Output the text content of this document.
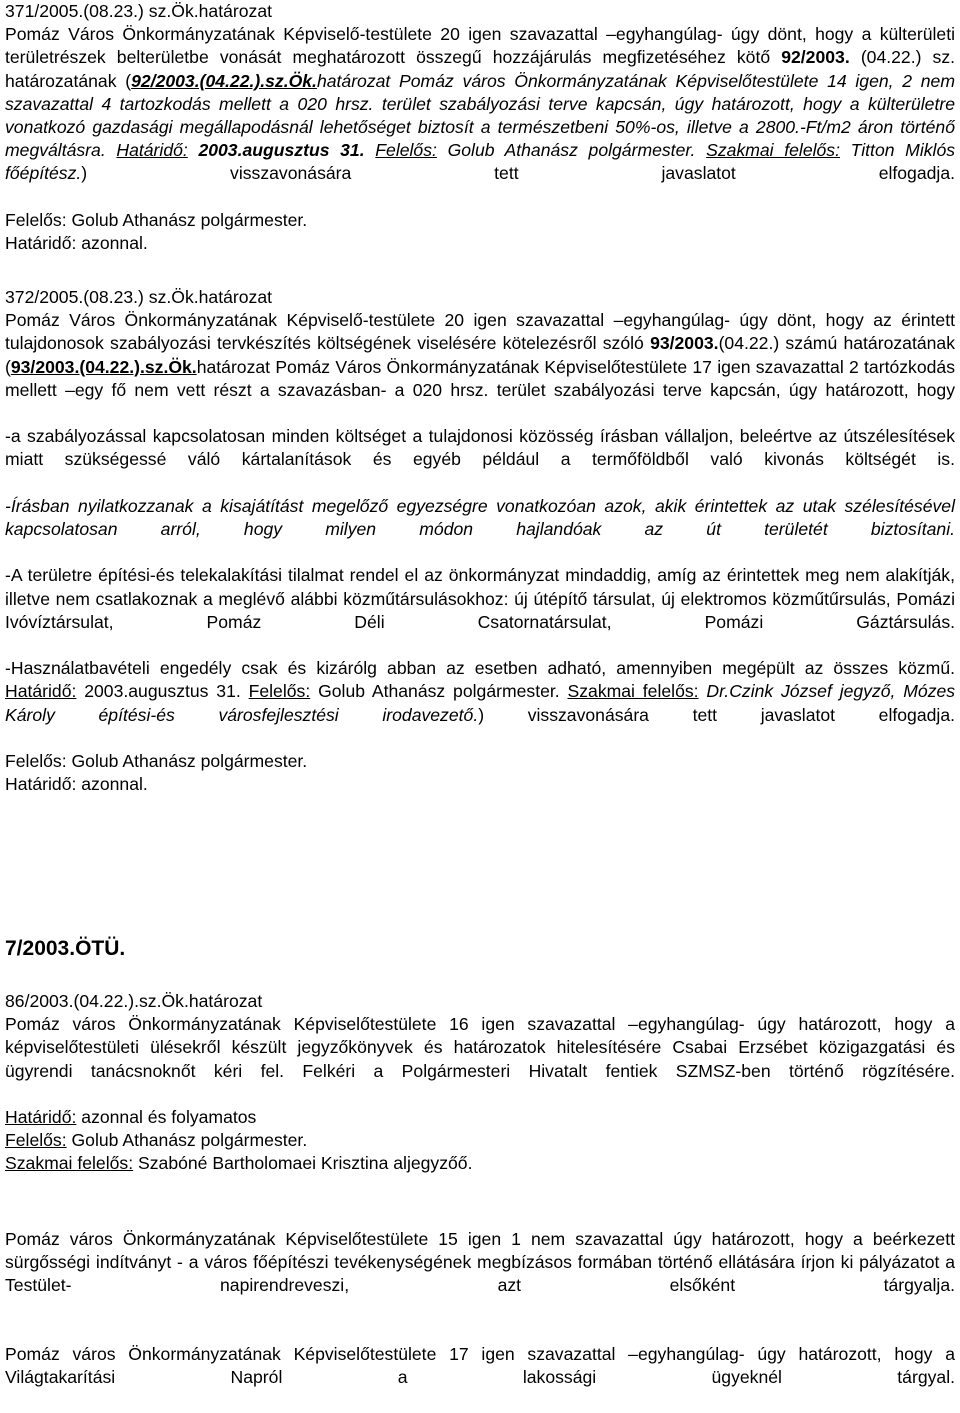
371/2005.(08.23.) sz.Ök.határozat
Pomáz Város Önkormányzatának Képviselő-testülete 20 igen szavazattal –egyhangúlag- úgy dönt, hogy a külterületi területrészek belterületbe vonását meghatározott összegű hozzájárulás megfizetéséhez kötő 92/2003. (04.22.) sz. határozatának (92/2003.(04.22.).sz.Ök.határozat Pomáz város Önkormányzatának Képviselőtestülete 14 igen, 2 nem szavazattal 4 tartozkodás mellett a 020 hrsz. terület szabályozási terve kapcsán, úgy határozott, hogy a külterületre vonatkozó gazdasági megállapodásnál lehetőséget biztosít a természetbeni 50%-os, illetve a 2800.-Ft/m2 áron történő megváltásra. Határidő: 2003.augusztus 31. Felelős: Golub Athanász polgármester. Szakmai felelős: Titton Miklós főépítész.) visszavonására tett javaslatot elfogadja.
Felelős: Golub Athanász polgármester.
Határidő: azonnal.
372/2005.(08.23.) sz.Ök.határozat
Pomáz Város Önkormányzatának Képviselő-testülete 20 igen szavazattal –egyhangúlag- úgy dönt, hogy az érintett tulajdonosok szabályozási tervkészítés költségének viselésére kötelezésről szóló 93/2003.(04.22.) számú határozatának (93/2003.(04.22.).sz.Ök.határozat Pomáz Város Önkormányzatának Képviselőtestülete 17 igen szavazattal 2 tartózkodás mellett –egy fő nem vett részt a szavazásban- a 020 hrsz. terület szabályozási terve kapcsán, úgy határozott, hogy
-a szabályozással kapcsolatosan minden költséget a tulajdonosi közösség írásban vállaljon, beleértve az útszélesítések miatt szükségessé váló kártalanítások és egyéb például a termőföldből való kivonás költségét is.
-Írásban nyilatkozzanak a kisajátítást megelőző egyezségre vonatkozóan azok, akik érintettek az utak szélesítésével kapcsolatosan arról, hogy milyen módon hajlandóak az út területét biztosítani.
-A területre építési-és telekalakítási tilalmat rendel el az önkormányzat mindaddig, amíg az érintettek meg nem alakítják, illetve nem csatlakoznak a meglévő alábbi közműtársulásokhoz: új útépítő társulat, új elektromos közműtűrsulás, Pomázi Ivóvíztársulat, Pomáz Déli Csatornatársulat, Pomázi Gáztársulás.
-Használatbavételi engedély csak és kizárólg abban az esetben adható, amennyiben megépült az összes közmű. Határidő: 2003.augusztus 31. Felelős: Golub Athanász polgármester. Szakmai felelős: Dr.Czink József jegyző, Mózes Károly építési-és városfejlesztési irodavezető.) visszavonására tett javaslatot elfogadja.
Felelős: Golub Athanász polgármester.
Határidő: azonnal.
7/2003.ÖTÜ.
86/2003.(04.22.).sz.Ök.határozat
Pomáz város Önkormányzatának Képviselőtestülete 16 igen szavazattal –egyhangúlag- úgy határozott, hogy a képviselőtestületi ülésekről készült jegyzőkönyvek és határozatok hitelesítésére Csabai Erzsébet közigazgatási és ügyrendi tanácsnoknőt kéri fel. Felkéri a Polgármesteri Hivatalt fentiek SZMSZ-ben történő rögzítésére.
Határidő: azonnal és folyamatos
Felelős: Golub Athanász polgármester.
Szakmai felelős: Szabóné Bartholomaei Krisztina aljegyzőő.
Pomáz város Önkormányzatának Képviselőtestülete 15 igen 1 nem szavazattal úgy határozott, hogy a beérkezett sürgősségi indítványt - a város főépítészi tevékenységének megbízásos formában történő ellátására írjon ki pályázatot a Testület- napirendreveszi, azt elsőként tárgyalja.
Pomáz város Önkormányzatának Képviselőtestülete 17 igen szavazattal –egyhangúlag- úgy határozott, hogy a Világtakarítási Napról a lakossági ügyeknél tárgyal.
